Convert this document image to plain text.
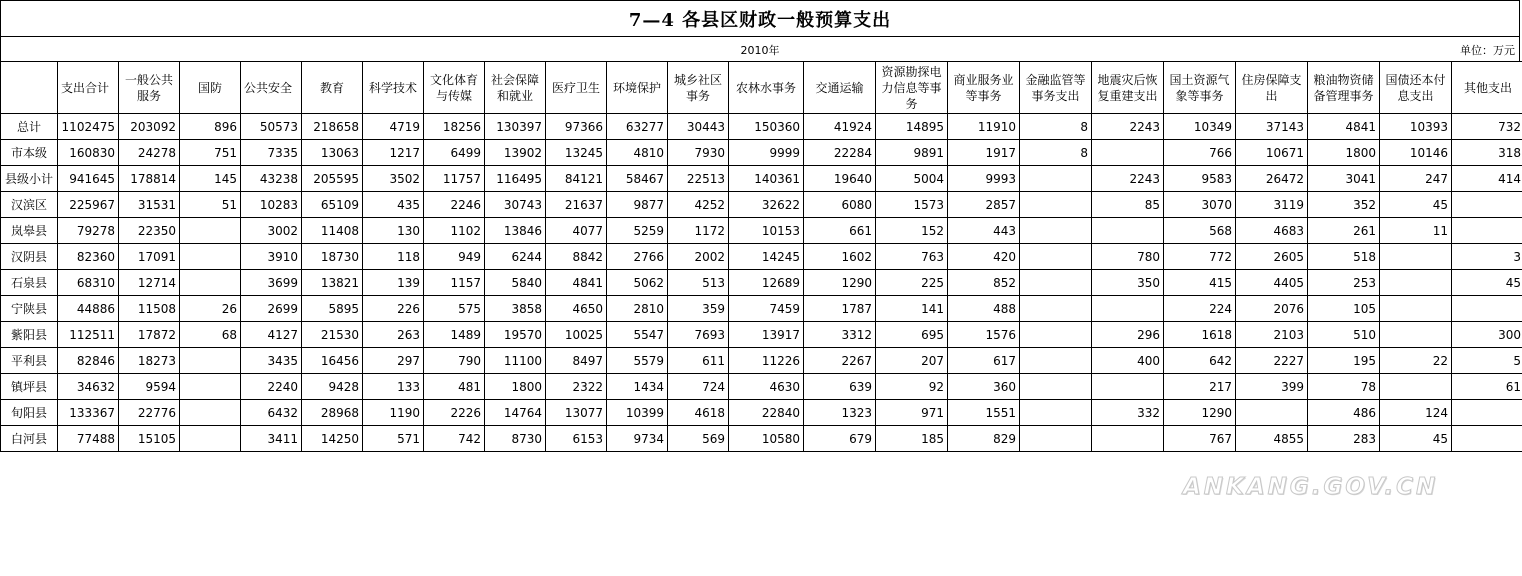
7—4 各县区财政一般预算支出
2010年	单位：万元
	支出合计	一般公共服务	国防	公共安全	教育	科学技术	文化体育与传媒	社会保障和就业	医疗卫生	环境保护	城乡社区事务	农林水事务	交通运输	资源勘探电力信息等事务	商业服务业等事务	金融监管等事务支出	地震灾后恢复重建支出	国土资源气象等事务	住房保障支出	粮油物资储备管理事务	国债还本付息支出	其他支出
总计	1102475	203092	896	50573	218658	4719	18256	130397	97366	63277	30443	150360	41924	14895	11910	8	2243	10349	37143	4841	10393	732
市本级	160830	24278	751	7335	13063	1217	6499	13902	13245	4810	7930	9999	22284	9891	1917	8		766	10671	1800	10146	318
县级小计	941645	178814	145	43238	205595	3502	11757	116495	84121	58467	22513	140361	19640	5004	9993		2243	9583	26472	3041	247	414
汉滨区	225967	31531	51	10283	65109	435	2246	30743	21637	9877	4252	32622	6080	1573	2857		85	3070	3119	352	45	
岚皋县	79278	22350		3002	11408	130	1102	13846	4077	5259	1172	10153	661	152	443			568	4683	261	11	
汉阴县	82360	17091		3910	18730	118	949	6244	8842	2766	2002	14245	1602	763	420		780	772	2605	518		3
石泉县	68310	12714		3699	13821	139	1157	5840	4841	5062	513	12689	1290	225	852		350	415	4405	253		45
宁陕县	44886	11508	26	2699	5895	226	575	3858	4650	2810	359	7459	1787	141	488			224	2076	105		
紫阳县	112511	17872	68	4127	21530	263	1489	19570	10025	5547	7693	13917	3312	695	1576		296	1618	2103	510		300
平利县	82846	18273		3435	16456	297	790	11100	8497	5579	611	11226	2267	207	617		400	642	2227	195	22	5
镇坪县	34632	9594		2240	9428	133	481	1800	2322	1434	724	4630	639	92	360			217	399	78		61
旬阳县	133367	22776		6432	28968	1190	2226	14764	13077	10399	4618	22840	1323	971	1551		332	1290		486	124	
白河县	77488	15105		3411	14250	571	742	8730	6153	9734	569	10580	679	185	829			767	4855	283	45	
ANKANG.GOV.CN
